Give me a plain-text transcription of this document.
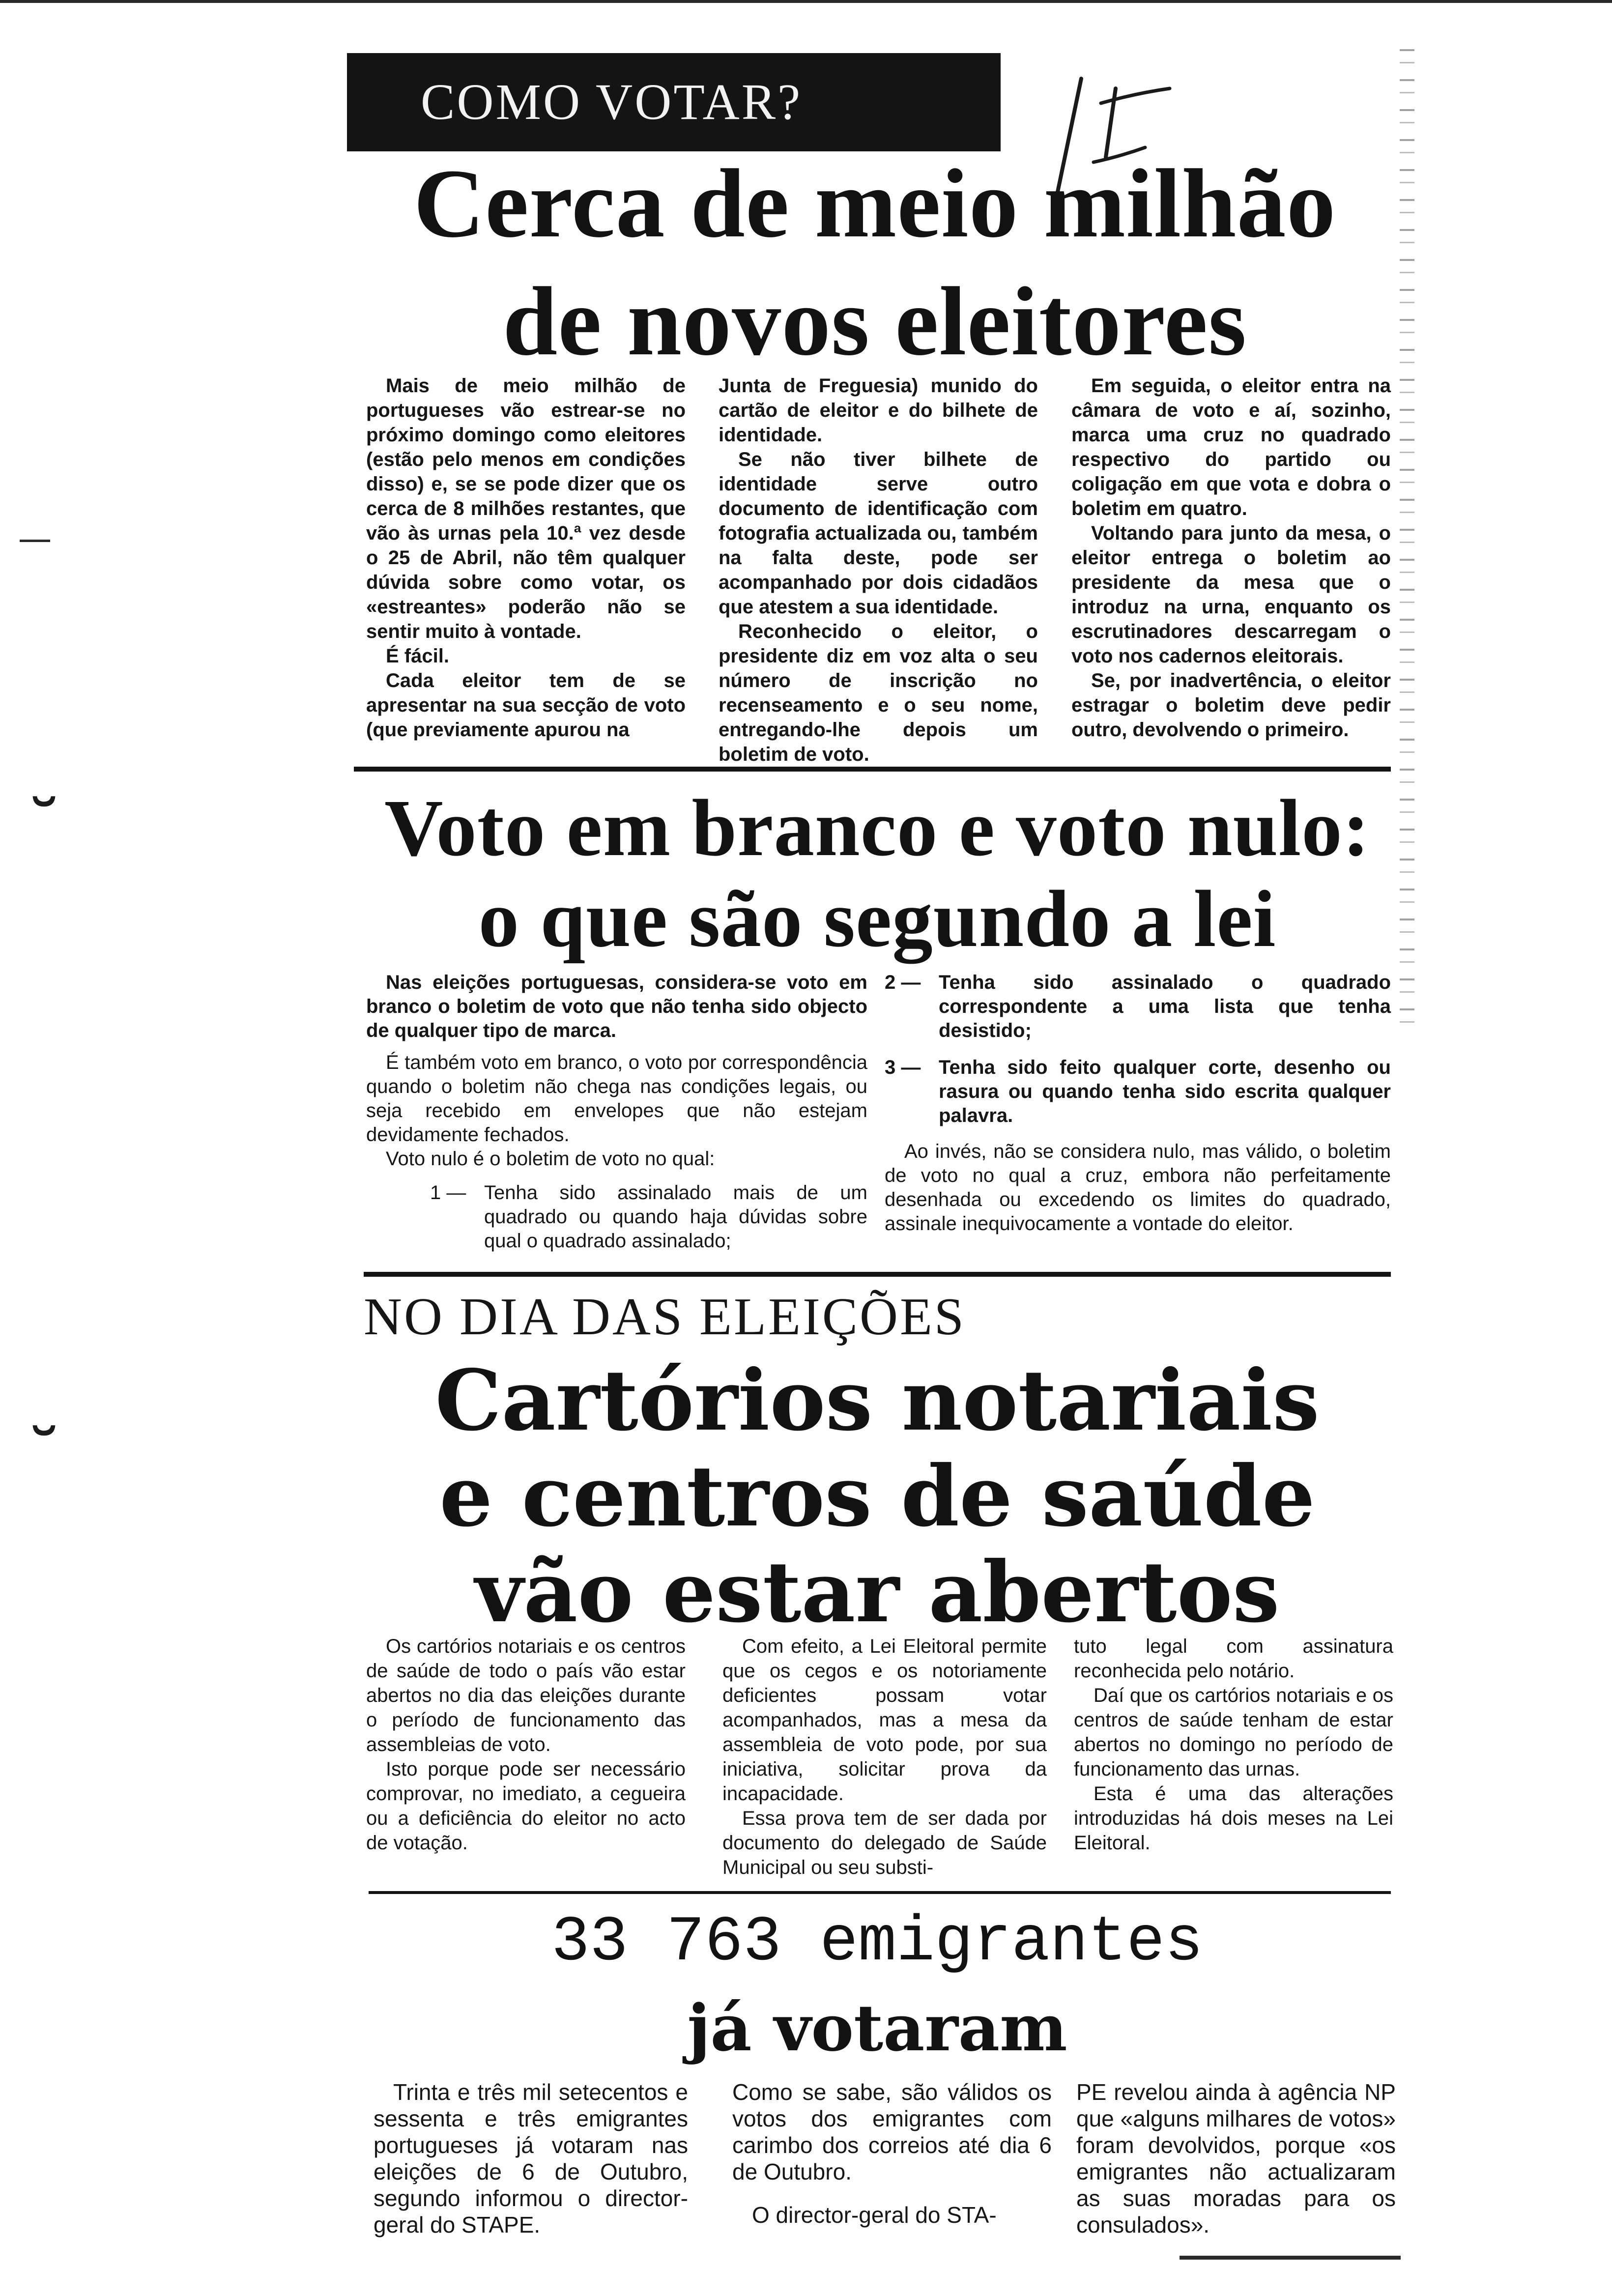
˘
˘
COMO VOTAR?
Cerca de meio milhão
de novos eleitores

Mais de meio milhão de portugueses vão estrear-se no próximo domingo como eleitores (estão pelo menos em condições disso) e, se se pode dizer que os cerca de 8 milhões restantes, que vão às urnas pela 10.ª vez desde o 25 de Abril, não têm qualquer dúvida sobre como votar, os «estreantes» poderão não se sentir muito à vontade.

É fácil.

Cada eleitor tem de se apresentar na sua secção de voto (que previamente apurou na

Junta de Freguesia) munido do cartão de eleitor e do bilhete de identidade.

Se não tiver bilhete de identidade serve outro documento de identificação com fotografia actualizada ou, também na falta deste, pode ser acompanhado por dois cidadãos que atestem a sua identidade.

Reconhecido o eleitor, o presidente diz em voz alta o seu número de inscrição no recenseamento e o seu nome, entregando-lhe depois um boletim de voto.

Em seguida, o eleitor entra na câmara de voto e aí, sozinho, marca uma cruz no quadrado respectivo do partido ou coligação em que vota e dobra o boletim em quatro.

Voltando para junto da mesa, o eleitor entrega o boletim ao presidente da mesa que o introduz na urna, enquanto os escrutinadores descarregam o voto nos cadernos eleitorais.

Se, por inadvertência, o eleitor estragar o boletim deve pedir outro, devolvendo o primeiro.

Voto em branco e voto nulo:
o que são segundo a lei

Nas eleições portuguesas, considera-se voto em branco o boletim de voto que não tenha sido objecto de qualquer tipo de marca.

É também voto em branco, o voto por correspondência quando o boletim não chega nas condições legais, ou seja recebido em envelopes que não estejam devidamente fechados.

Voto nulo é o boletim de voto no qual:

1 — Tenha sido assinalado mais de um quadrado ou quando haja dúvidas sobre qual o quadrado assinalado;
2 — Tenha sido assinalado o quadrado correspondente a uma lista que tenha desistido;
3 — Tenha sido feito qualquer corte, desenho ou rasura ou quando tenha sido escrita qualquer palavra.

Ao invés, não se considera nulo, mas válido, o boletim de voto no qual a cruz, embora não perfeitamente desenhada ou excedendo os limites do quadrado, assinale inequivocamente a vontade do eleitor.

NO DIA DAS ELEIÇÕES
Cartórios notariais
e centros de saúde
vão estar abertos

Os cartórios notariais e os centros de saúde de todo o país vão estar abertos no dia das eleições durante o período de funcionamento das assembleias de voto.

Isto porque pode ser necessário comprovar, no imediato, a cegueira ou a deficiência do eleitor no acto de votação.

Com efeito, a Lei Eleitoral permite que os cegos e os notoriamente deficientes possam votar acompanhados, mas a mesa da assembleia de voto pode, por sua iniciativa, solicitar prova da incapacidade.

Essa prova tem de ser dada por documento do delegado de Saúde Municipal ou seu substi-

tuto legal com assinatura reconhecida pelo notário.

Daí que os cartórios notariais e os centros de saúde tenham de estar abertos no domingo no período de funcionamento das urnas.

Esta é uma das alterações introduzidas há dois meses na Lei Eleitoral.

33 763 emigrantes
já votaram

Trinta e três mil setecentos e sessenta e três emigrantes portugueses já votaram nas eleições de 6 de Outubro, segundo informou o director-geral do STAPE.

Como se sabe, são válidos os votos dos emigrantes com carimbo dos correios até dia 6 de Outubro.

O director-geral do STA-

PE revelou ainda à agência NP que «alguns milhares de votos» foram devolvidos, porque «os emigrantes não actualizaram as suas moradas para os consulados».
